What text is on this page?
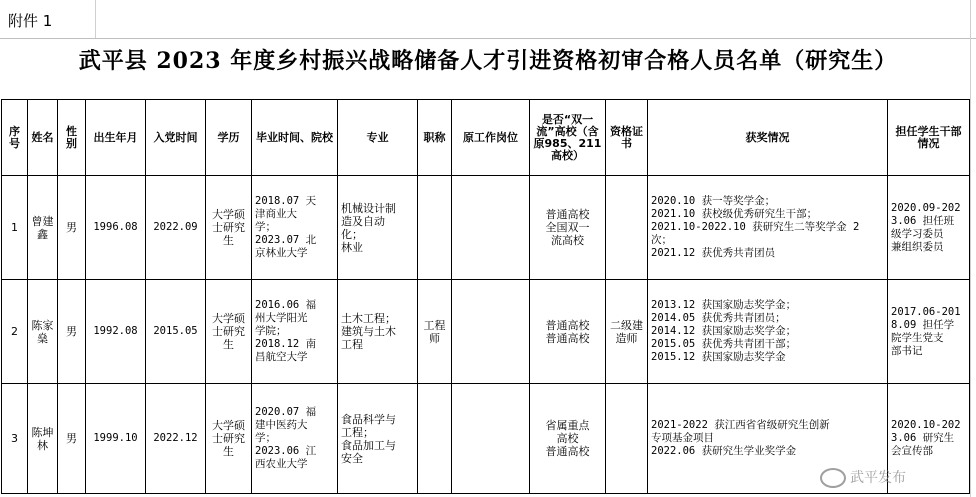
附件 1
武平县 2023 年度乡村振兴战略储备人才引进资格初审合格人员名单（研究生）
序号	姓名	性别	出生年月	入党时间	学历	毕业时间、院校	专业	职称	原工作岗位	是否“双一流”高校（含原985、211高校）	资格证书	获奖情况	担任学生干部情况
1	曾建鑫	男	1996.08	2022.09	大学硕士研究生	2018.07 天
津商业大
学；
2023.07 北
京林业大学	机械设计制
造及自动
化；
林业			普通高校
全国双一
流高校		2020.10 获一等奖学金；
2021.10 获校级优秀研究生干部；
2021.10-2022.10 获研究生二等奖学金 2
次；
2021.12 获优秀共青团员	2020.09-202
3.06 担任班
级学习委员
兼组织委员

2	陈家燊	男	1992.08	2015.05	大学硕士研究生	2016.06 福
州大学阳光
学院；
2018.12 南
昌航空大学	土木工程；
建筑与土木
工程	工程师		普通高校
普通高校	二级建造师	2013.12 获国家励志奖学金；
2014.05 获优秀共青团员；
2014.12 获国家励志奖学金；
2015.05 获优秀共青团干部；
2015.12 获国家励志奖学金	2017.06-201
8.09 担任学
院学生党支
部书记

3	陈坤林	男	1999.10	2022.12	大学硕士研究生	2020.07 福
建中医药大
学；
2023.06 江
西农业大学	食品科学与
工程；
食品加工与
安全			省属重点
高校
普通高校		2021-2022 获江西省省级研究生创新
专项基金项目
2022.06 获研究生学业奖学金	2020.10-202
3.06 研究生
会宣传部
武平发布
